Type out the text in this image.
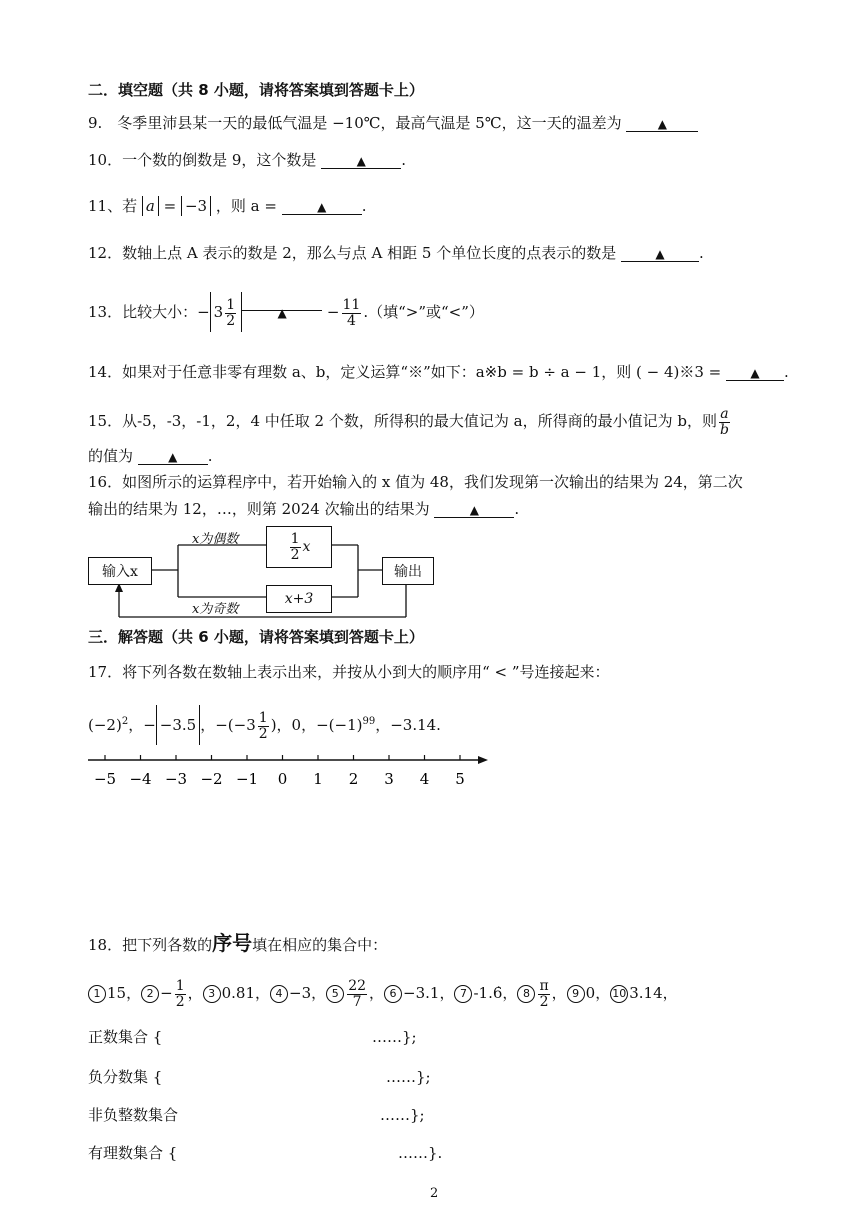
二．填空题（共 8 小题，请将答案填到答题卡上）
9.　冬季里沛县某一天的最低气温是 −10℃，最高气温是 5℃，这一天的温差为	▲
10．一个数的倒数是 9，这个数是	▲ .
11、若 a = −3 ，则 a =	▲ .
12．数轴上点 A 表示的数是 2，那么与点 A 相距 5 个单位长度的点表示的数是	▲ .
13．比较大小：− $3 \frac{1}{2}$	▲	− $\frac{11}{4}$ .（填“>”或“<”）
14．如果对于任意非零有理数 a、b，定义运算“※”如下：a※b = b ÷ a − 1，则 ( − 4)※3 = ▲ .
15．从-5，-3，-1，2，4 中任取 2 个数，所得积的最大值记为 a，所得商的最小值记为 b，则 $\frac{a}{b}$
的值为	▲ .
16．如图所示的运算程序中，若开始输入的 x 值为 48，我们发现第一次输出的结果为 24，第二次
输出的结果为 12，…，则第 2024 次输出的结果为	▲ .
输入x
$\frac{1}{2}$ x
x+3
输出
x为偶数
x为奇数
三．解答题（共 6 小题，请将答案填到答题卡上）
17．将下列各数在数轴上表示出来，并按从小到大的顺序用“ < ”号连接起来：
$(-2)^2$，− −3.5 ，$-(-3 \frac{1}{2}$ )，0，$-(-1)^{99}$，−3.14.
−5 −4 −3 −2 −1 0 1 2 3 4 5
18．把下列各数的序号填在相应的集合中：
1 15， $2 - \frac{1}{2}$ ， 3 0.81， 4 −3， $5 \frac{22}{7}$ ， 6 −3.1， 7 -1.6̇， $8 \frac{\pi}{2}$ ， 9 0， 10 3.14，
正数集合 {	……};
负分数集 {	……};
非负整数集合	……};
有理数集合 {	……}.
2
